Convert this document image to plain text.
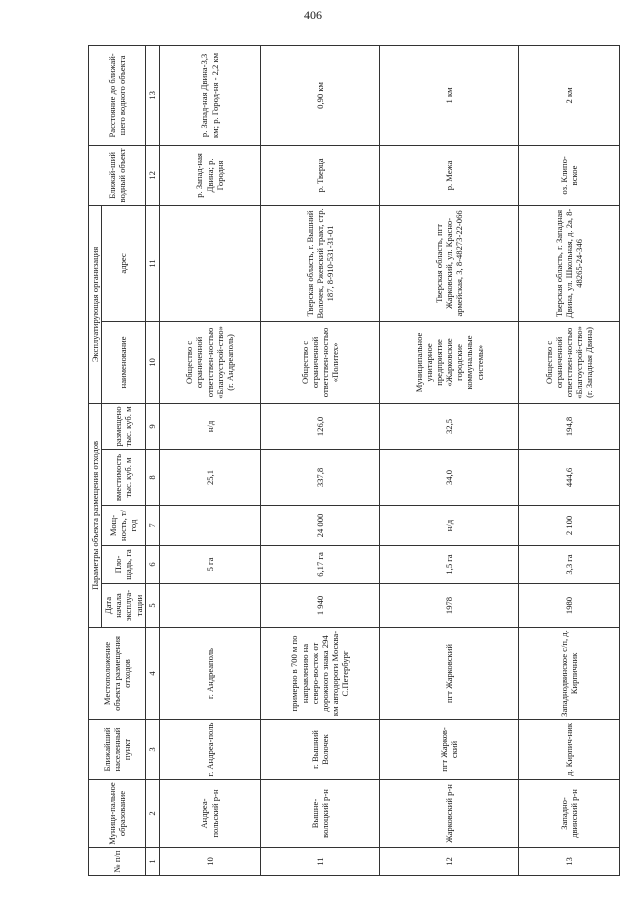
406
№ п/п	Муници-пальное образование	Ближайший населенный пункт	Местоположение объекта размещения отходов	Параметры объекта размещения отходов					Эксплуатирующая организация		Ближай-ший водный объект	Расстояние до ближай-шего водного объекта
				Дата начала эксплуа-тации	Пло-щадь, га	Мощ-ность, т/год	вместимость тыс. куб. м	размещено тыс. куб. м	наименование	адрес		
1	2	3	4	5	6	7	8	9	10	11	12	13
10	Андреа-польский р-н	г. Андреа-поль	г. Андреаполь		5 га		25,1	н/д	Общество с ограниченной ответствен-ностью «Благоустрой-ство» (г. Андреаполь)		р. Запад-ная Двина; р. Городня	р. Запад-ная Двина-3,3 км; р. Город-ня - 2,2 км
11	Вышне-волоцкий р-н	г. Вышний Волочек	примерно в 700 м по направлению на северо-восток от дорожного знака 294 км автодороги Москва-С.Петербург	1 940	6,17 га	24 000	337,8	126,0	Общество с ограниченной ответствен-ностью «Политех»	Тверская область, г. Вышний Волочек, Ржевский тракт, стр. 187, 8-910-531-31-01	р. Тверца	0,90 км
12	Жарковский р-н	пгт Жарков-ский	пгт Жарковский	1978	1,5 га	н/д	34,0	32,5	Муниципальное унитарное предприятие «Жарковские городские коммунальные системы»	Тверская область, пгт Жарковский, ул. Красно-армейская, 3, 8-48273-22-066	р. Межа	1 км
13	Западно-двинский р-н	д. Кирпич-ник	Западнодвинское с/п, д. Кирпичник	1980	3,3 га	2 100	444,6	194,8	Общество с ограниченной ответствен-ностью «Благоустрой-ство» (г. Западная Двина)	Тверская область, г. Западная Двина, ул. Школьная, д. 2а, 8-48265-24-346	оз. Клипо-вское	2 км
